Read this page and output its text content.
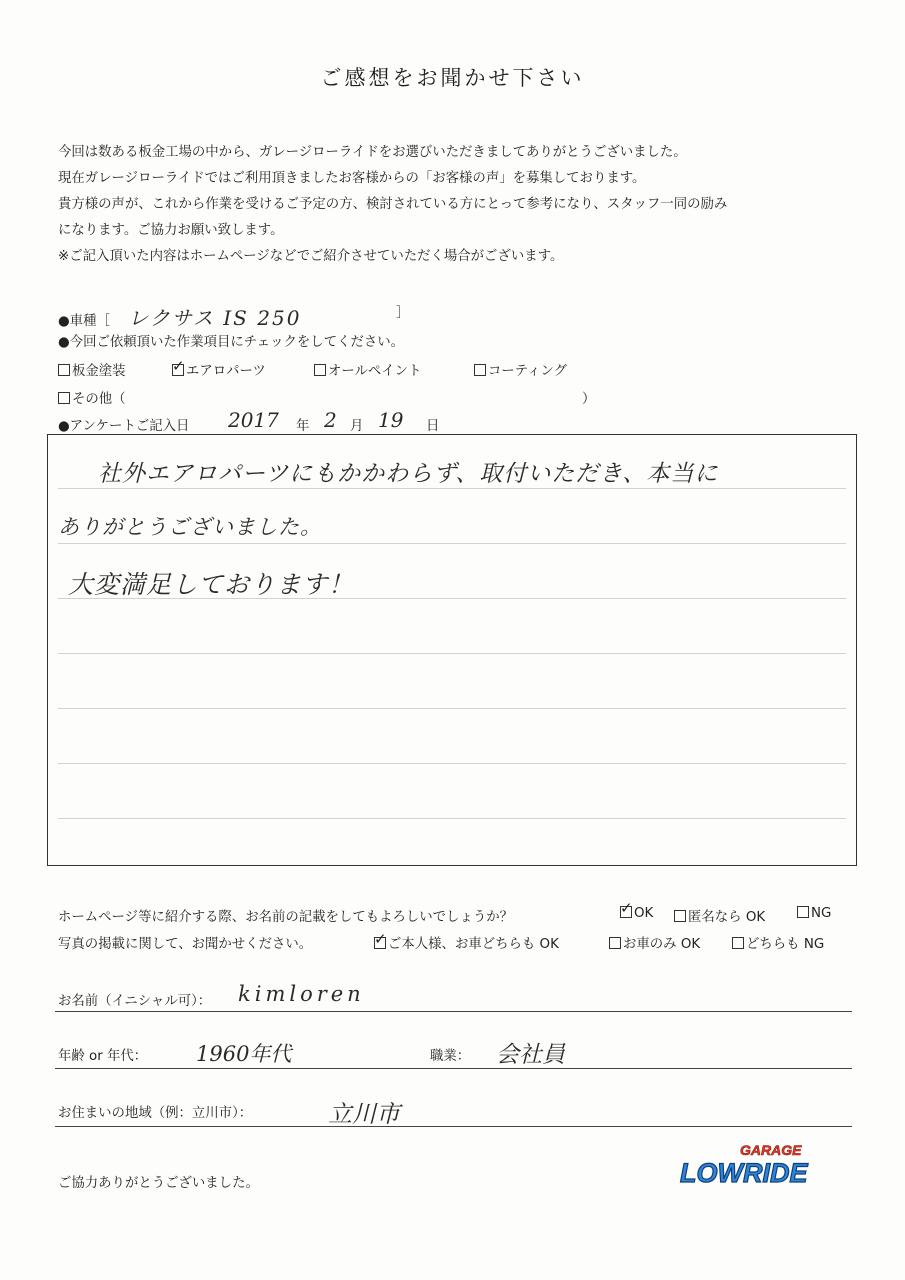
ご感想をお聞かせ下さい
今回は数ある板金工場の中から、ガレージローライドをお選びいただきましてありがとうございました。
現在ガレージローライドではご利用頂きましたお客様からの「お客様の声」を募集しております。
貴方様の声が、これから作業を受けるご予定の方、検討されている方にとって参考になり、スタッフ一同の励み
になります。ご協力お願い致します。
※ご記入頂いた内容はホームページなどでご紹介させていただく場合がございます。
●車種［ レクサス IS 250	］
●今回ご依頼頂いた作業項目にチェックをしてください。
板金塗装 ✓	エアロパーツ	オールペイント	コーティング
その他（	）
●アンケートご記入日 2017 年 2 月 19 日
社外エアロパーツにもかかわらず、取付いただき、本当に
ありがとうございました。
大変満足しております！
ホームページ等に紹介する際、お名前の記載をしてもよろしいでしょうか？ ✓	OK	匿名なら OK	NG
写真の掲載に関して、お聞かせください。 ✓	ご本人様、お車どちらも OK	お車のみ OK	どちらも NG
お名前（イニシャル可）： kimloren
年齢 or 年代： 1960年代	職業： 会社員
お住まいの地域（例：立川市）：	立川市
ご協力ありがとうございました。
GARAGE
LOWRIDE
